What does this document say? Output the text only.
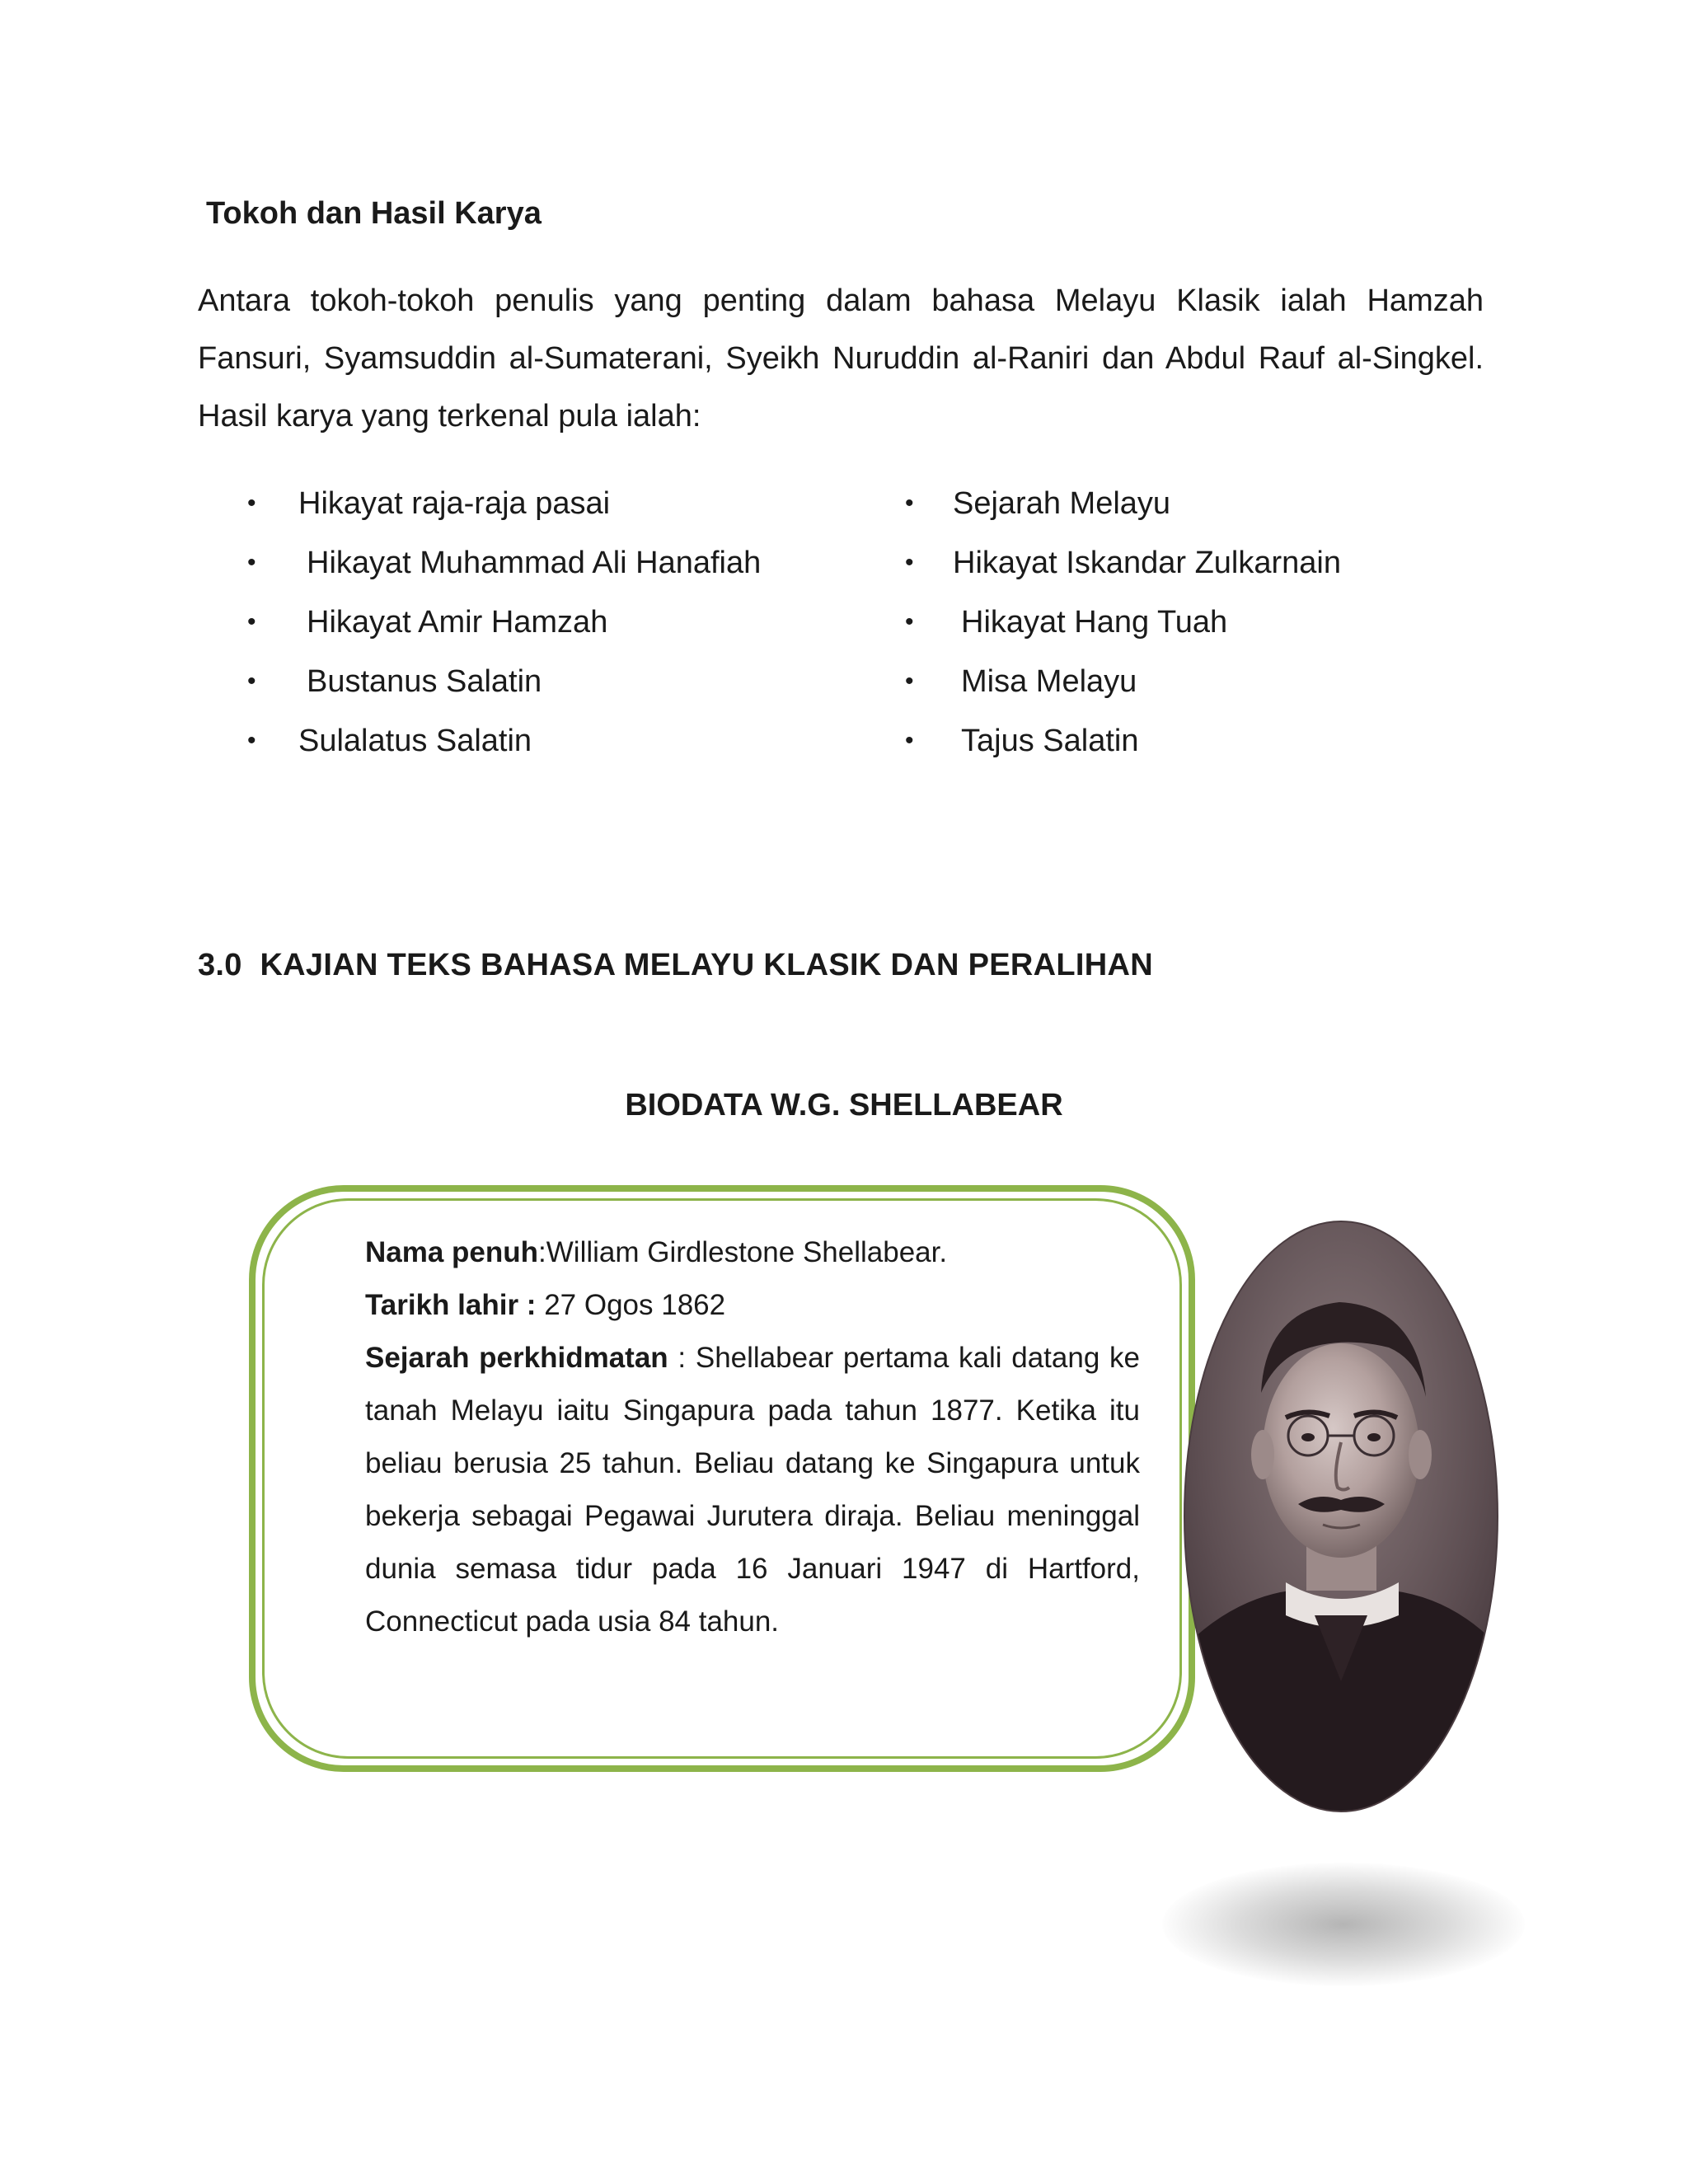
Tokoh dan Hasil Karya

Antara tokoh-tokoh penulis yang penting dalam bahasa Melayu Klasik ialah Hamzah Fansuri, Syamsuddin al-Sumaterani, Syeikh Nuruddin al-Raniri dan Abdul Rauf al-Singkel. Hasil karya yang terkenal pula ialah:

• Hikayat raja-raja pasai
• Hikayat Muhammad Ali Hanafiah
• Hikayat Amir Hamzah
• Bustanus Salatin
• Sulalatus Salatin
• Sejarah Melayu
• Hikayat Iskandar Zulkarnain
• Hikayat Hang Tuah
• Misa Melayu
• Tajus Salatin
3.0  KAJIAN TEKS BAHASA MELAYU KLASIK DAN PERALIHAN
BIODATA W.G. SHELLABEAR

Nama penuh:William Girdlestone Shellabear.
Tarikh lahir : 27 Ogos 1862
Sejarah perkhidmatan : Shellabear pertama kali datang ke tanah Melayu iaitu Singapura pada tahun 1877. Ketika itu beliau berusia 25 tahun. Beliau datang ke Singapura untuk bekerja sebagai Pegawai Jurutera diraja. Beliau meninggal dunia semasa tidur pada 16 Januari 1947 di Hartford, Connecticut pada usia 84 tahun.
